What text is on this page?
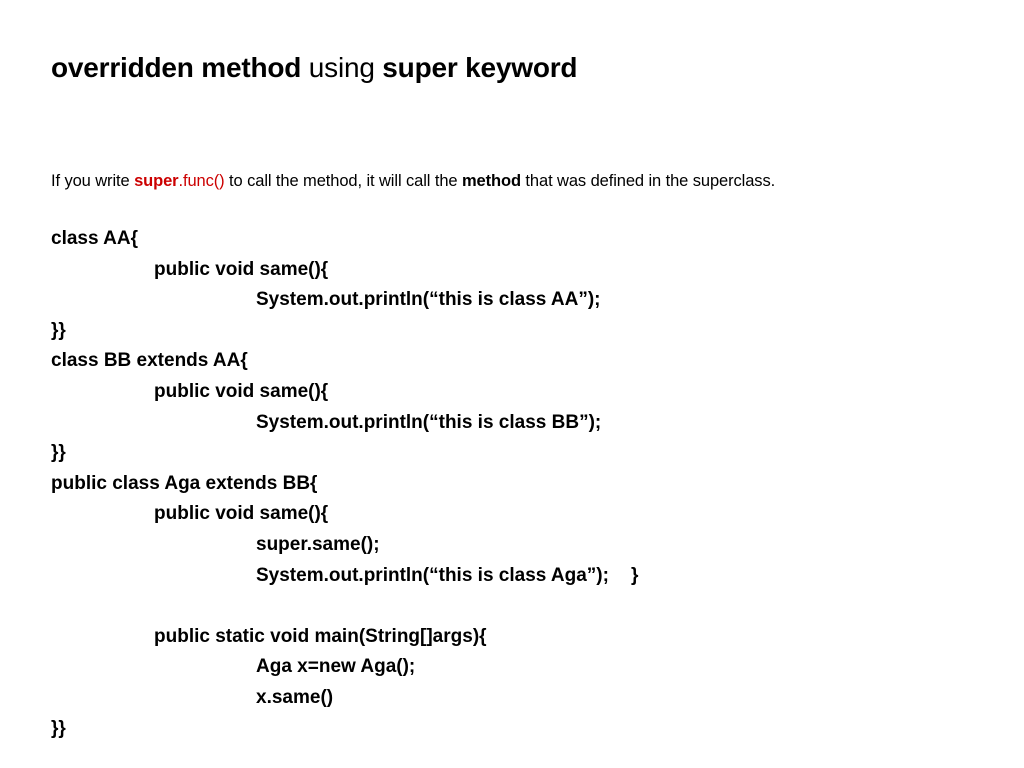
overridden method using super keyword
If you write super.func() to call the method, it will call the method that was defined in the superclass.
class AA{
public void same(){
System.out.println(“this is class AA”);
}}
class BB extends AA{
public void same(){
System.out.println(“this is class BB”);
}}
public class Aga extends BB{
public void same(){
super.same();
System.out.println(“this is class Aga”); }
public static void main(String[]args){
Aga x=new Aga();
x.same()
}}
